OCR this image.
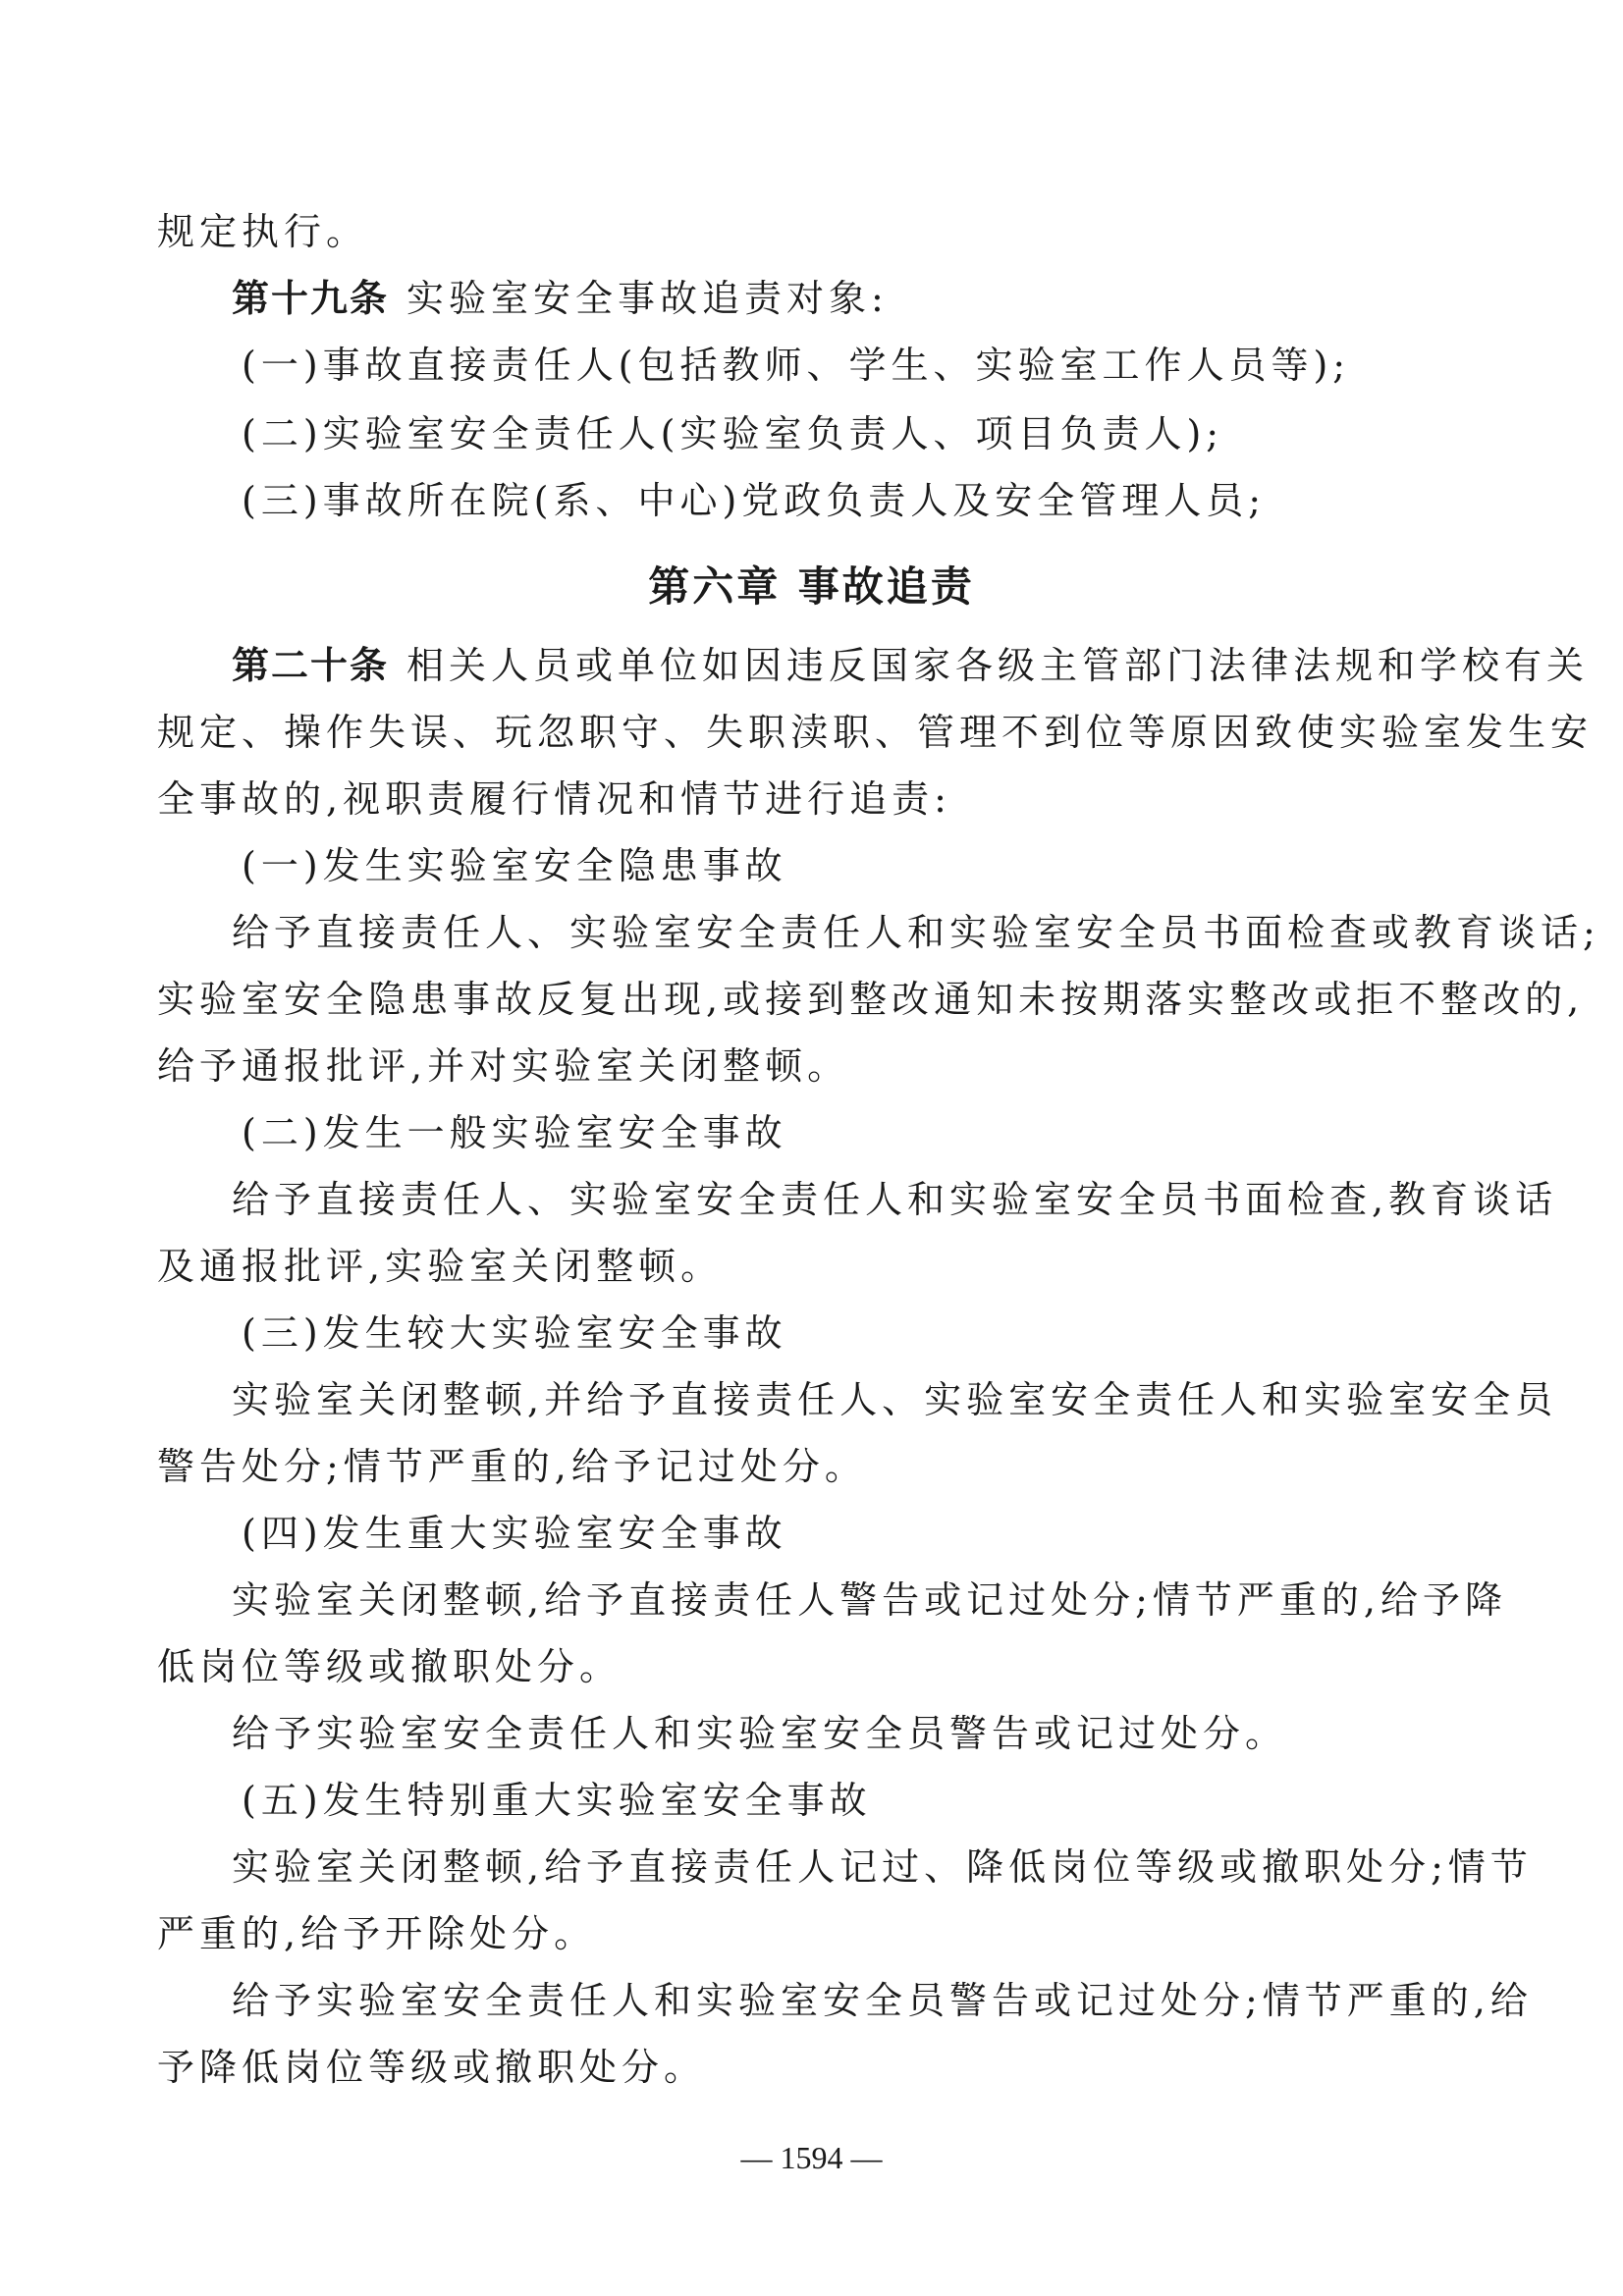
规定执行。
第十九条 实验室安全事故追责对象:
(一)事故直接责任人(包括教师、学生、实验室工作人员等);
(二)实验室安全责任人(实验室负责人、项目负责人);
(三)事故所在院(系、中心)党政负责人及安全管理人员;
第六章 事故追责
第二十条 相关人员或单位如因违反国家各级主管部门法律法规和学校有关
规定、操作失误、玩忽职守、失职渎职、管理不到位等原因致使实验室发生安
全事故的,视职责履行情况和情节进行追责:
(一)发生实验室安全隐患事故
给予直接责任人、实验室安全责任人和实验室安全员书面检查或教育谈话;
实验室安全隐患事故反复出现,或接到整改通知未按期落实整改或拒不整改的,
给予通报批评,并对实验室关闭整顿。
(二)发生一般实验室安全事故
给予直接责任人、实验室安全责任人和实验室安全员书面检查,教育谈话
及通报批评,实验室关闭整顿。
(三)发生较大实验室安全事故
实验室关闭整顿,并给予直接责任人、实验室安全责任人和实验室安全员
警告处分;情节严重的,给予记过处分。
(四)发生重大实验室安全事故
实验室关闭整顿,给予直接责任人警告或记过处分;情节严重的,给予降
低岗位等级或撤职处分。
给予实验室安全责任人和实验室安全员警告或记过处分。
(五)发生特别重大实验室安全事故
实验室关闭整顿,给予直接责任人记过、降低岗位等级或撤职处分;情节
严重的,给予开除处分。
给予实验室安全责任人和实验室安全员警告或记过处分;情节严重的,给
予降低岗位等级或撤职处分。
— 1594 —
